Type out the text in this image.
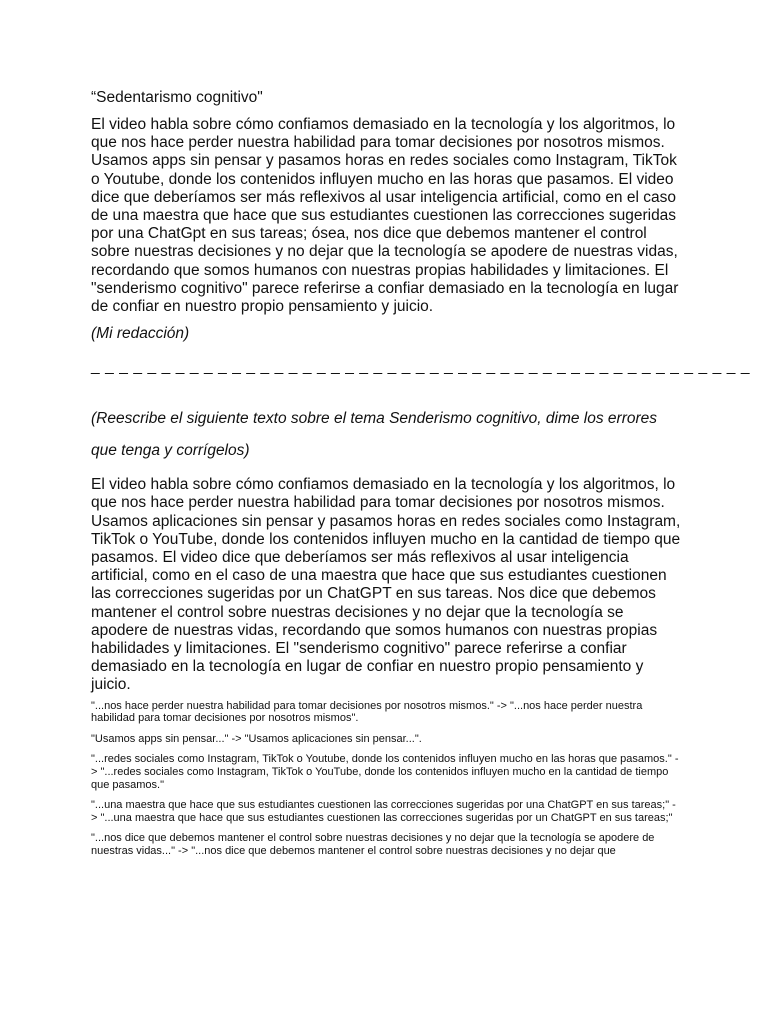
“Sedentarismo cognitivo"

El video habla sobre cómo confiamos demasiado en la tecnología y los algoritmos, lo que nos hace perder nuestra habilidad para tomar decisiones por nosotros mismos. Usamos apps sin pensar y pasamos horas en redes sociales como Instagram, TikTok o Youtube, donde los contenidos influyen mucho en las horas que pasamos. El video dice que deberíamos ser más reflexivos al usar inteligencia artificial, como en el caso de una maestra que hace que sus estudiantes cuestionen las correcciones sugeridas por una ChatGpt en sus tareas; ósea, nos dice que debemos mantener el control sobre nuestras decisiones y no dejar que la tecnología se apodere de nuestras vidas, recordando que somos humanos con nuestras propias habilidades y limitaciones. El "senderismo cognitivo" parece referirse a confiar demasiado en la tecnología en lugar de confiar en nuestro propio pensamiento y juicio.

(Mi redacción)

_ _ _ _ _ _ _ _ _ _ _ _ _ _ _ _ _ _ _ _ _ _ _ _ _ _ _ _ _ _ _ _ _ _ _ _ _ _ _ _ _ _ _ _ _ _ _

(Reescribe el siguiente texto sobre el tema Senderismo cognitivo, dime los errores

que tenga y corrígelos)

El video habla sobre cómo confiamos demasiado en la tecnología y los algoritmos, lo que nos hace perder nuestra habilidad para tomar decisiones por nosotros mismos. Usamos aplicaciones sin pensar y pasamos horas en redes sociales como Instagram, TikTok o YouTube, donde los contenidos influyen mucho en la cantidad de tiempo que pasamos. El video dice que deberíamos ser más reflexivos al usar inteligencia artificial, como en el caso de una maestra que hace que sus estudiantes cuestionen las correcciones sugeridas por un ChatGPT en sus tareas. Nos dice que debemos mantener el control sobre nuestras decisiones y no dejar que la tecnología se apodere de nuestras vidas, recordando que somos humanos con nuestras propias habilidades y limitaciones. El "senderismo cognitivo" parece referirse a confiar demasiado en la tecnología en lugar de confiar en nuestro propio pensamiento y juicio.

"...nos hace perder nuestra habilidad para tomar decisiones por nosotros mismos." -> "...nos hace perder nuestra habilidad para tomar decisiones por nosotros mismos".

"Usamos apps sin pensar..." -> "Usamos aplicaciones sin pensar...".

"...redes sociales como Instagram, TikTok o Youtube, donde los contenidos influyen mucho en las horas que pasamos." -> "...redes sociales como Instagram, TikTok o YouTube, donde los contenidos influyen mucho en la cantidad de tiempo que pasamos."

"...una maestra que hace que sus estudiantes cuestionen las correcciones sugeridas por una ChatGPT en sus tareas;" -> "...una maestra que hace que sus estudiantes cuestionen las correcciones sugeridas por un ChatGPT en sus tareas;"

"...nos dice que debemos mantener el control sobre nuestras decisiones y no dejar que la tecnología se apodere de nuestras vidas..." -> "...nos dice que debemos mantener el control sobre nuestras decisiones y no dejar que
